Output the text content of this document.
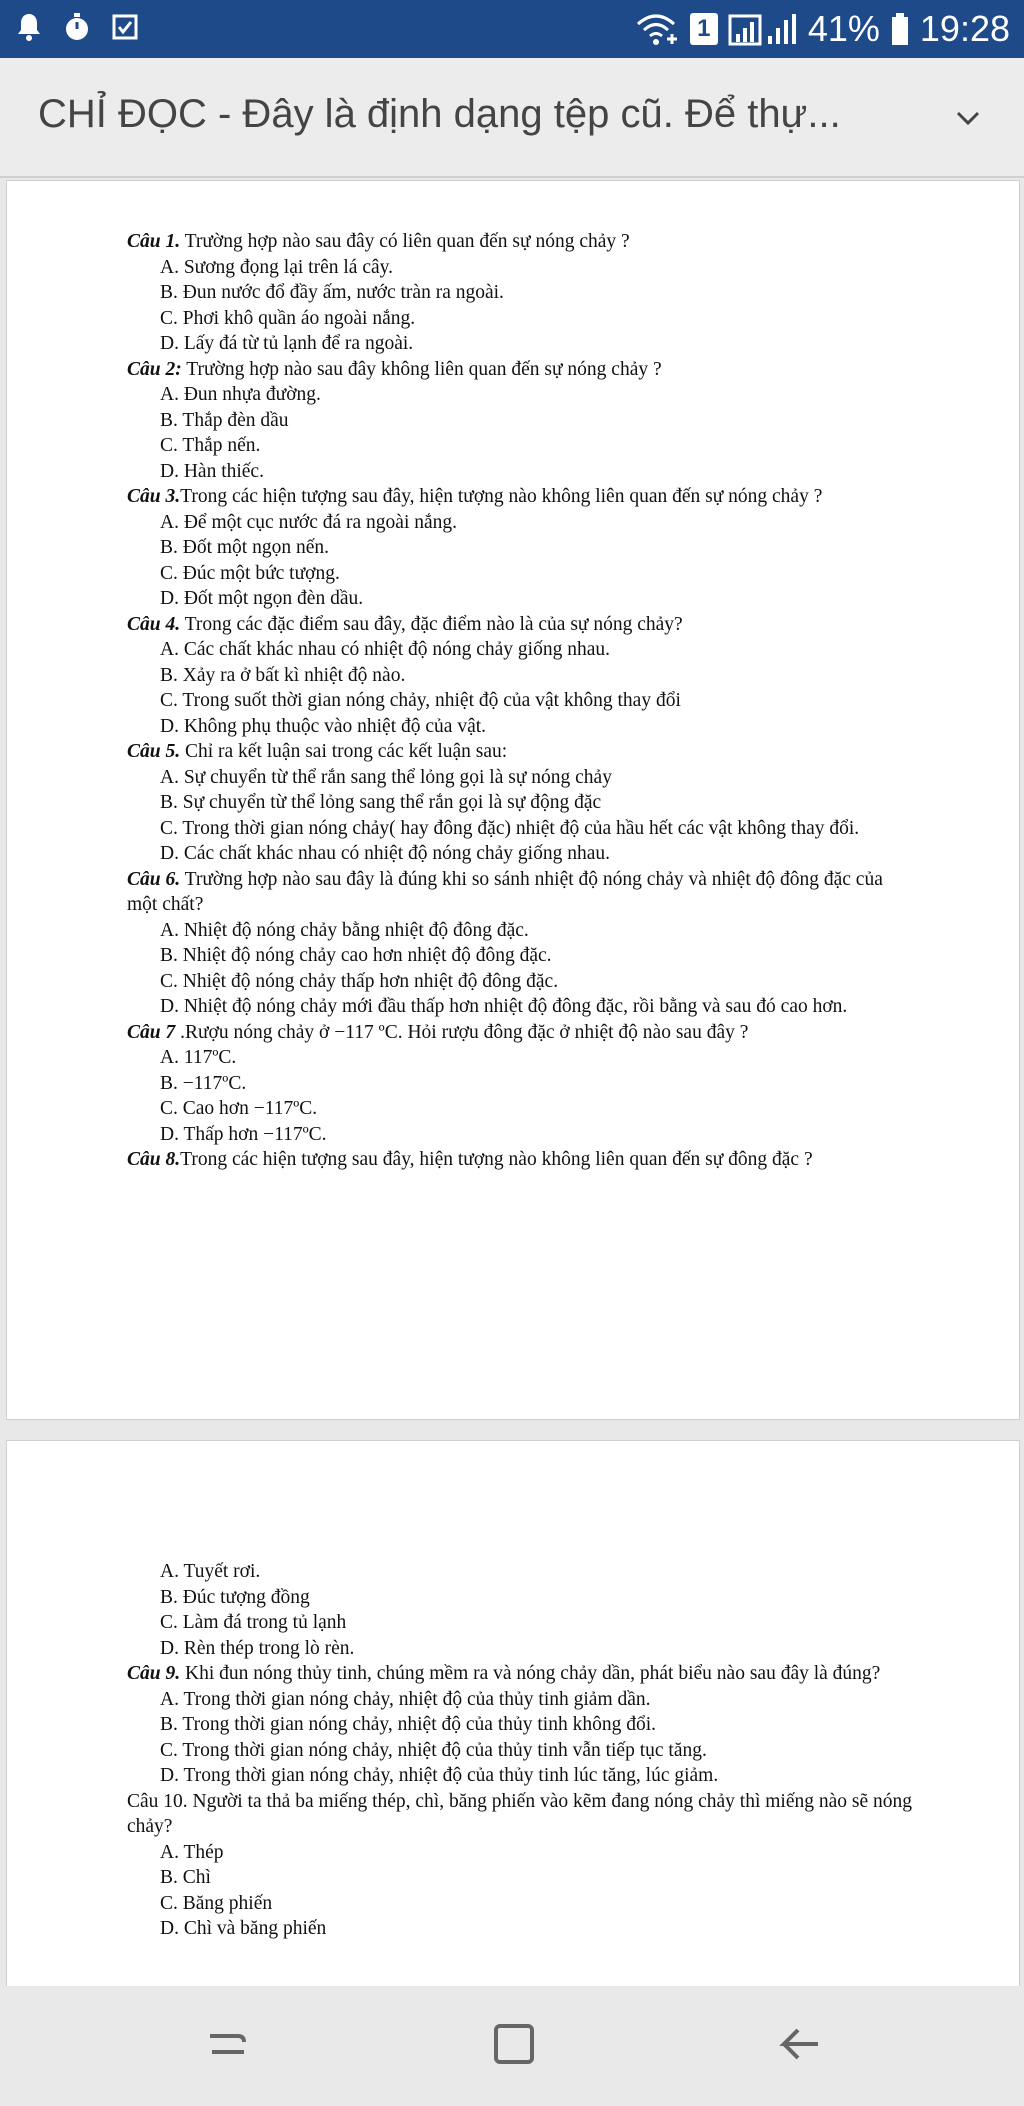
1	41% 19:28
CHỈ ĐỌC - Đây là định dạng tệp cũ. Để thự...

Câu 1. Trường hợp nào sau đây có liên quan đến sự nóng chảy ?

A. Sương đọng lại trên lá cây.

B. Đun nước đổ đầy ấm, nước tràn ra ngoài.

C. Phơi khô quần áo ngoài nắng.

D. Lấy đá từ tủ lạnh để ra ngoài.

Câu 2: Trường hợp nào sau đây không liên quan đến sự nóng chảy ?

A. Đun nhựa đường.

B. Thắp đèn dầu

C. Thắp nến.

D. Hàn thiếc.

Câu 3.Trong các hiện tượng sau đây, hiện tượng nào không liên quan đến sự nóng chảy ?

A. Để một cục nước đá ra ngoài nắng.

B. Đốt một ngọn nến.

C. Đúc một bức tượng.

D. Đốt một ngọn đèn dầu.

Câu 4. Trong các đặc điểm sau đây, đặc điểm nào là của sự nóng chảy?

A. Các chất khác nhau có nhiệt độ nóng chảy giống nhau.

B. Xảy ra ở bất kì nhiệt độ nào.

C. Trong suốt thời gian nóng chảy, nhiệt độ của vật không thay đổi

D. Không phụ thuộc vào nhiệt độ của vật.

Câu 5. Chỉ ra kết luận sai trong các kết luận sau:

A. Sự chuyển từ thể rắn sang thể lỏng gọi là sự nóng chảy

B. Sự chuyển từ thể lỏng sang thể rắn gọi là sự động đặc

C. Trong thời gian nóng chảy( hay đông đặc) nhiệt độ của hầu hết các vật không thay đổi.

D. Các chất khác nhau có nhiệt độ nóng chảy giống nhau.

Câu 6. Trường hợp nào sau đây là đúng khi so sánh nhiệt độ nóng chảy và nhiệt độ đông đặc của một chất?

A. Nhiệt độ nóng chảy bằng nhiệt độ đông đặc.

B. Nhiệt độ nóng chảy cao hơn nhiệt độ đông đặc.

C. Nhiệt độ nóng chảy thấp hơn nhiệt độ đông đặc.

D. Nhiệt độ nóng chảy mới đầu thấp hơn nhiệt độ đông đặc, rồi bằng và sau đó cao hơn.

Câu 7 .Rượu nóng chảy ở −117 ºC. Hỏi rượu đông đặc ở nhiệt độ nào sau đây ?

A. 117ºC.

B. −117ºC.

C. Cao hơn −117ºC.

D. Thấp hơn −117ºC.

Câu 8.Trong các hiện tượng sau đây, hiện tượng nào không liên quan đến sự đông đặc ?

A. Tuyết rơi.

B. Đúc tượng đồng

C. Làm đá trong tủ lạnh

D. Rèn thép trong lò rèn.

Câu 9. Khi đun nóng thủy tinh, chúng mềm ra và nóng chảy dần, phát biểu nào sau đây là đúng?

A. Trong thời gian nóng chảy, nhiệt độ của thủy tinh giảm dần.

B. Trong thời gian nóng chảy, nhiệt độ của thủy tinh không đổi.

C. Trong thời gian nóng chảy, nhiệt độ của thủy tinh vẫn tiếp tục tăng.

D. Trong thời gian nóng chảy, nhiệt độ của thủy tinh lúc tăng, lúc giảm.

Câu 10. Người ta thả ba miếng thép, chì, băng phiến vào kẽm đang nóng chảy thì miếng nào sẽ nóng chảy?

A. Thép

B. Chì

C. Băng phiến

D. Chì và băng phiến
